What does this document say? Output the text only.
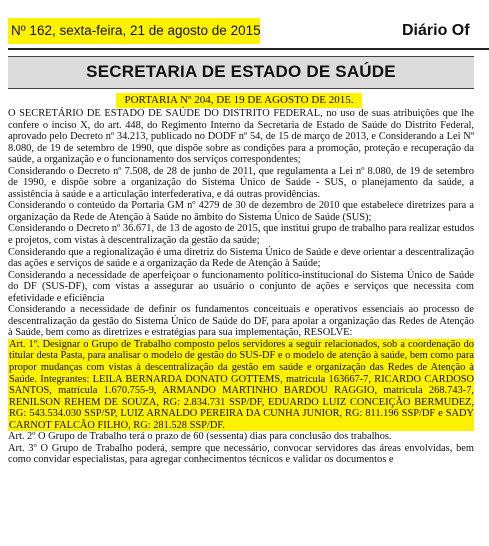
Nº 162, sexta-feira, 21 de agosto de 2015	Diário Of
SECRETARIA DE ESTADO DE SAÚDE
PORTARIA Nº 204, DE 19 DE AGOSTO DE 2015.

O SECRETÁRIO DE ESTADO DE SAÚDE DO DISTRITO FEDERAL, no uso de suas atribuições que lhe confere o inciso X, do art. 448, do Regimento Interno da Secretaria de Estado de Saúde do Distrito Federal, aprovado pelo Decreto nº 34.213, publicado no DODF nº 54, de 15 de março de 2013, e Considerando a Lei Nº 8.080, de 19 de setembro de 1990, que dispõe sobre as condições para a promoção, proteção e recuperação da saúde, a organização e o funcionamento dos serviços correspondentes;

Considerando o Decreto nº 7.508, de 28 de junho de 2011, que regulamenta a Lei nº 8.080, de 19 de setembro de 1990, e dispõe sobre a organização do Sistema Único de Saúde - SUS, o planejamento da saúde, a assistência à saúde e a articulação interfederativa, e dá outras providências.

Considerando o conteúdo da Portaria GM nº 4279 de 30 de dezembro de 2010 que estabelece diretrizes para a organização da Rede de Atenção à Saúde no âmbito do Sistema Único de Saúde (SUS);

Considerando o Decreto nº 36.671, de 13 de agosto de 2015, que institui grupo de trabalho para realizar estudos e projetos, com vistas à descentralização da gestão da saúde;

Considerando que a regionalização é uma diretriz do Sistema Único de Saúde e deve orientar a descentralização das ações e serviços de saúde e a organização da Rede de Atenção à Saúde;

Considerando a necessidade de aperfeiçoar o funcionamento político-institucional do Sistema Único de Saúde do DF (SUS-DF), com vistas a assegurar ao usuário o conjunto de ações e serviços que necessita com efetividade e eficiência

Considerando a necessidade de definir os fundamentos conceituais e operativos essenciais ao processo de descentralização da gestão do Sistema Único de Saúde do DF, para apoiar a organização das Redes de Atenção à Saúde, bem como as diretrizes e estratégias para sua implementação, RESOLVE:

Art. 1º. Designar o Grupo de Trabalho composto pelos servidores a seguir relacionados, sob a coordenação do titular desta Pasta, para analisar o modelo de gestão do SUS-DF e o modelo de atenção à saúde, bem como para propor mudanças com vistas à descentralização da gestão em saúde e organização das Redes de Atenção à Saúde. Integrantes: LEILA BERNARDA DONATO GOTTEMS, matrícula 163667-7, RICARDO CARDOSO SANTOS, matrícula 1.670.755-9, ARMANDO MARTINHO BARDOU RAGGIO, matrícula 268.743-7, RENILSON REHEM DE SOUZA, RG: 2.834.731 SSP/DF, EDUARDO LUIZ CONCEIÇÃO BERMUDEZ, RG: 543.534.030 SSP/SP, LUIZ ARNALDO PEREIRA DA CUNHA JUNIOR, RG: 811.196 SSP/DF e SADY CARNOT FALCÃO FILHO, RG: 281.528 SSP/DF.

Art. 2º O Grupo de Trabalho terá o prazo de 60 (sessenta) dias para conclusão dos trabalhos.

Art. 3º O Grupo de Trabalho poderá, sempre que necessário, convocar servidores das áreas envolvidas, bem como convidar especialistas, para agregar conhecimentos técnicos e validar os documentos e
